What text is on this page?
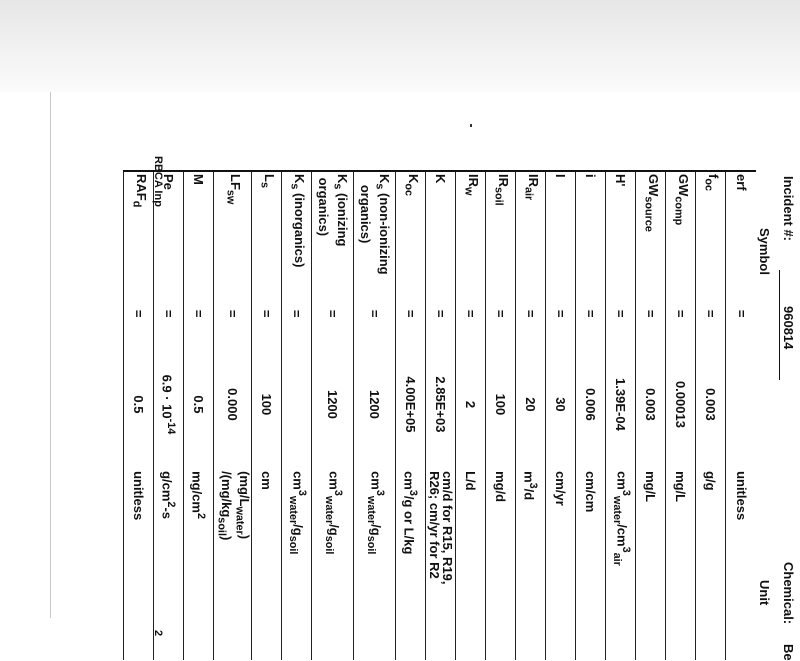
Incident #:
960814
Chemical:
Be
Symbol
Unit
erf	=		unitless
$f_{oc}$	=	0.003	g/g
$GW_{comp}$	=	0.00013	mg/L
$GW_{source}$	=	0.003	mg/L
H'	=	1.39E-04	$cm^3_{water}/cm^3_{air}$
i	=	0.006	cm/cm
I	=	30	cm/yr
$IR_{air}$	=	20	$m^3/d$
$IR_{soil}$	=	100	mg/d
$IR_w$	=	2	L/d
K	=	2.85E+03	cm/d for R15, R19,
R26; cm/yr for R2
$K_{oc}$	=	4.00E+05	$cm^3/g$ or L/kg
$K_s$ (non-ionizing
organics)	=	1200	$cm^3_{water}/g_{soil}$
$K_s$ (ionizing
organics)	=	1200	$cm^3_{water}/g_{soil}$
$K_s$ (inorganics)	=		$cm^3_{water}/g_{soil}$
$L_s$	=	100	cm
$LF_{sw}$	=	0.000	$(mg/L_{water})$
$/(mg/kg_{soil})$
M	=	0.5	$mg/cm^2$
Pe	=	$6.9 \cdot 10^{-14}$	$g/cm^2-s$
$RAF_d$	=	0.5	unitless
RBCA Inp
2
